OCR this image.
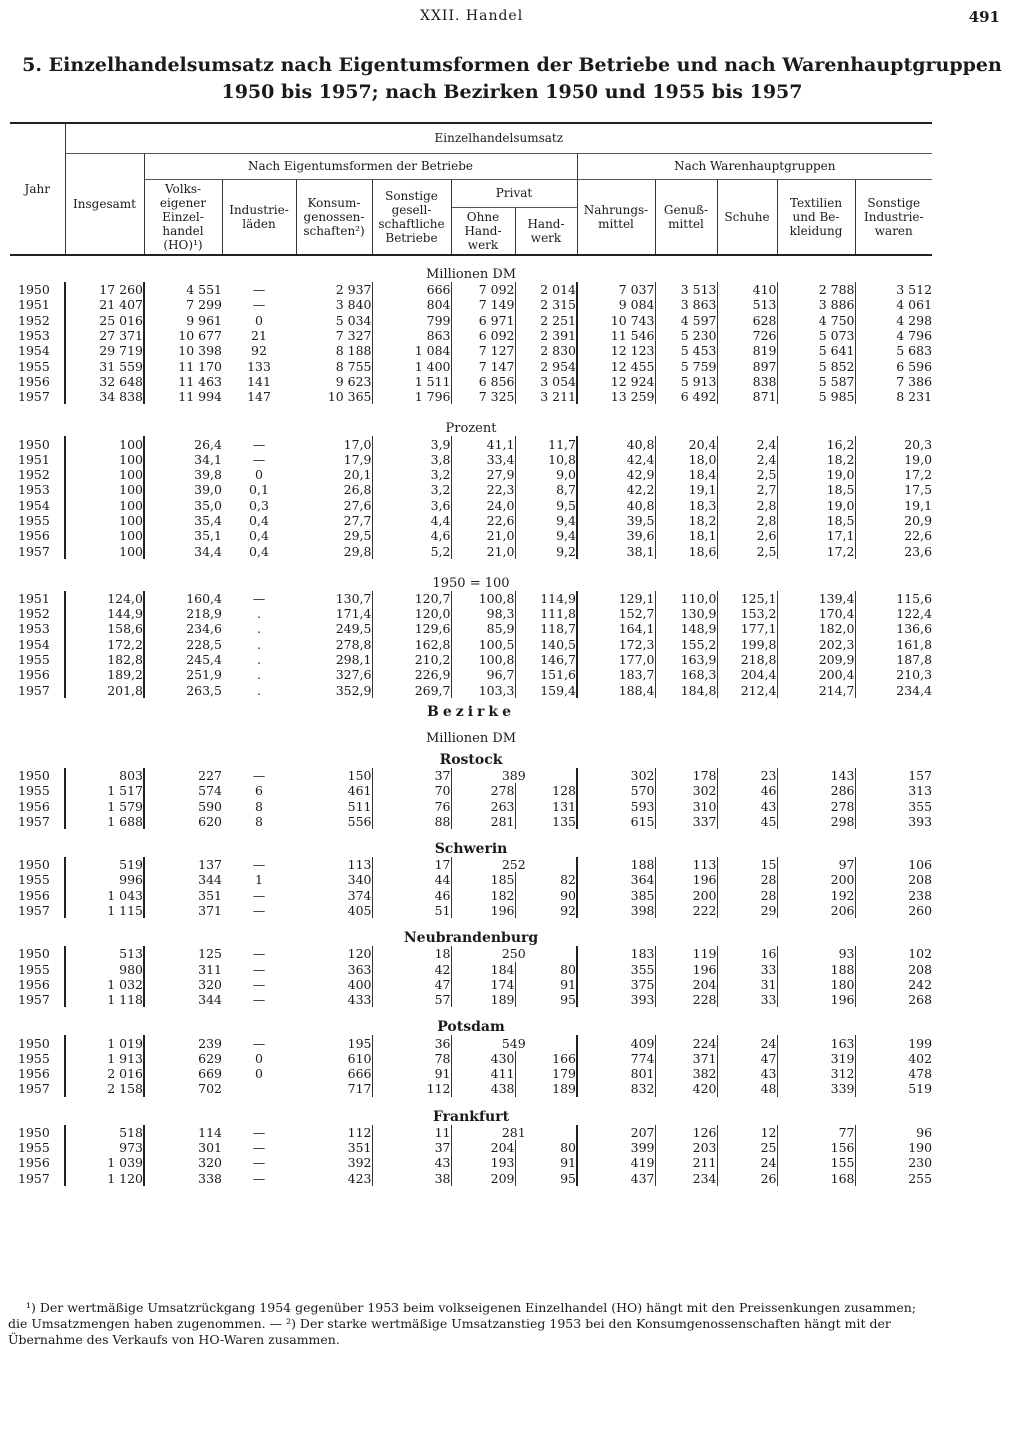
XXII. Handel	491
5. Einzelhandelsumsatz nach Eigentumsformen der Betriebe und nach Warenhauptgruppen
1950 bis 1957; nach Bezirken 1950 und 1955 bis 1957
Jahr	Einzelhandelsumsatz											
	Insgesamt	Nach Eigentumsformen der Betriebe						Nach Warenhauptgruppen				
		Volks-eigener Einzel-handel (HO)¹)	Industrie-läden	Konsum-genossen-schaften²)	Sonstige gesell-schaftliche Betriebe	Privat		Nahrungs-mittel	Genuß-mittel	Schuhe	Textilien und Be-kleidung	Sonstige Industrie-waren
						Ohne Hand-werk	Hand-werk					
Millionen DM												
1950	17 260	4 551	—	2 937	666	7 092	2 014	7 037	3 513	410	2 788	3 512
1951	21 407	7 299	—	3 840	804	7 149	2 315	9 084	3 863	513	3 886	4 061
1952	25 016	9 961	0	5 034	799	6 971	2 251	10 743	4 597	628	4 750	4 298
1953	27 371	10 677	21	7 327	863	6 092	2 391	11 546	5 230	726	5 073	4 796
1954	29 719	10 398	92	8 188	1 084	7 127	2 830	12 123	5 453	819	5 641	5 683
1955	31 559	11 170	133	8 755	1 400	7 147	2 954	12 455	5 759	897	5 852	6 596
1956	32 648	11 463	141	9 623	1 511	6 856	3 054	12 924	5 913	838	5 587	7 386
1957	34 838	11 994	147	10 365	1 796	7 325	3 211	13 259	6 492	871	5 985	8 231

Prozent												
1950	100	26,4	—	17,0	3,9	41,1	11,7	40,8	20,4	2,4	16,2	20,3
1951	100	34,1	—	17,9	3,8	33,4	10,8	42,4	18,0	2,4	18,2	19,0
1952	100	39,8	0	20,1	3,2	27,9	9,0	42,9	18,4	2,5	19,0	17,2
1953	100	39,0	0,1	26,8	3,2	22,3	8,7	42,2	19,1	2,7	18,5	17,5
1954	100	35,0	0,3	27,6	3,6	24,0	9,5	40,8	18,3	2,8	19,0	19,1
1955	100	35,4	0,4	27,7	4,4	22,6	9,4	39,5	18,2	2,8	18,5	20,9
1956	100	35,1	0,4	29,5	4,6	21,0	9,4	39,6	18,1	2,6	17,1	22,6
1957	100	34,4	0,4	29,8	5,2	21,0	9,2	38,1	18,6	2,5	17,2	23,6

1950 = 100												
1951	124,0	160,4	—	130,7	120,7	100,8	114,9	129,1	110,0	125,1	139,4	115,6
1952	144,9	218,9	.	171,4	120,0	98,3	111,8	152,7	130,9	153,2	170,4	122,4
1953	158,6	234,6	.	249,5	129,6	85,9	118,7	164,1	148,9	177,1	182,0	136,6
1954	172,2	228,5	.	278,8	162,8	100,5	140,5	172,3	155,2	199,8	202,3	161,8
1955	182,8	245,4	.	298,1	210,2	100,8	146,7	177,0	163,9	218,8	209,9	187,8
1956	189,2	251,9	.	327,6	226,9	96,7	151,6	183,7	168,3	204,4	200,4	210,3
1957	201,8	263,5	.	352,9	269,7	103,3	159,4	188,4	184,8	212,4	214,7	234,4

Bezirke												
Millionen DM												
Rostock												
1950	803	227	—	150	37	389		302	178	23	143	157
1955	1 517	574	6	461	70	278	128	570	302	46	286	313
1956	1 579	590	8	511	76	263	131	593	310	43	278	355
1957	1 688	620	8	556	88	281	135	615	337	45	298	393

Schwerin												
1950	519	137	—	113	17	252		188	113	15	97	106
1955	996	344	1	340	44	185	82	364	196	28	200	208
1956	1 043	351	—	374	46	182	90	385	200	28	192	238
1957	1 115	371	—	405	51	196	92	398	222	29	206	260

Neubrandenburg												
1950	513	125	—	120	18	250		183	119	16	93	102
1955	980	311	—	363	42	184	80	355	196	33	188	208
1956	1 032	320	—	400	47	174	91	375	204	31	180	242
1957	1 118	344	—	433	57	189	95	393	228	33	196	268

Potsdam												
1950	1 019	239	—	195	36	549		409	224	24	163	199
1955	1 913	629	0	610	78	430	166	774	371	47	319	402
1956	2 016	669	0	666	91	411	179	801	382	43	312	478
1957	2 158	702		717	112	438	189	832	420	48	339	519

Frankfurt												
1950	518	114	—	112	11	281		207	126	12	77	96
1955	973	301	—	351	37	204	80	399	203	25	156	190
1956	1 039	320	—	392	43	193	91	419	211	24	155	230
1957	1 120	338	—	423	38	209	95	437	234	26	168	255

¹) Der wertmäßige Umsatzrückgang 1954 gegenüber 1953 beim volkseigenen Einzelhandel (HO) hängt mit den Preissenkungen zusammen; die Umsatzmengen haben zugenommen. — ²) Der starke wertmäßige Umsatzanstieg 1953 bei den Konsumgenossenschaften hängt mit der Übernahme des Verkaufs von HO-Waren zusammen.
